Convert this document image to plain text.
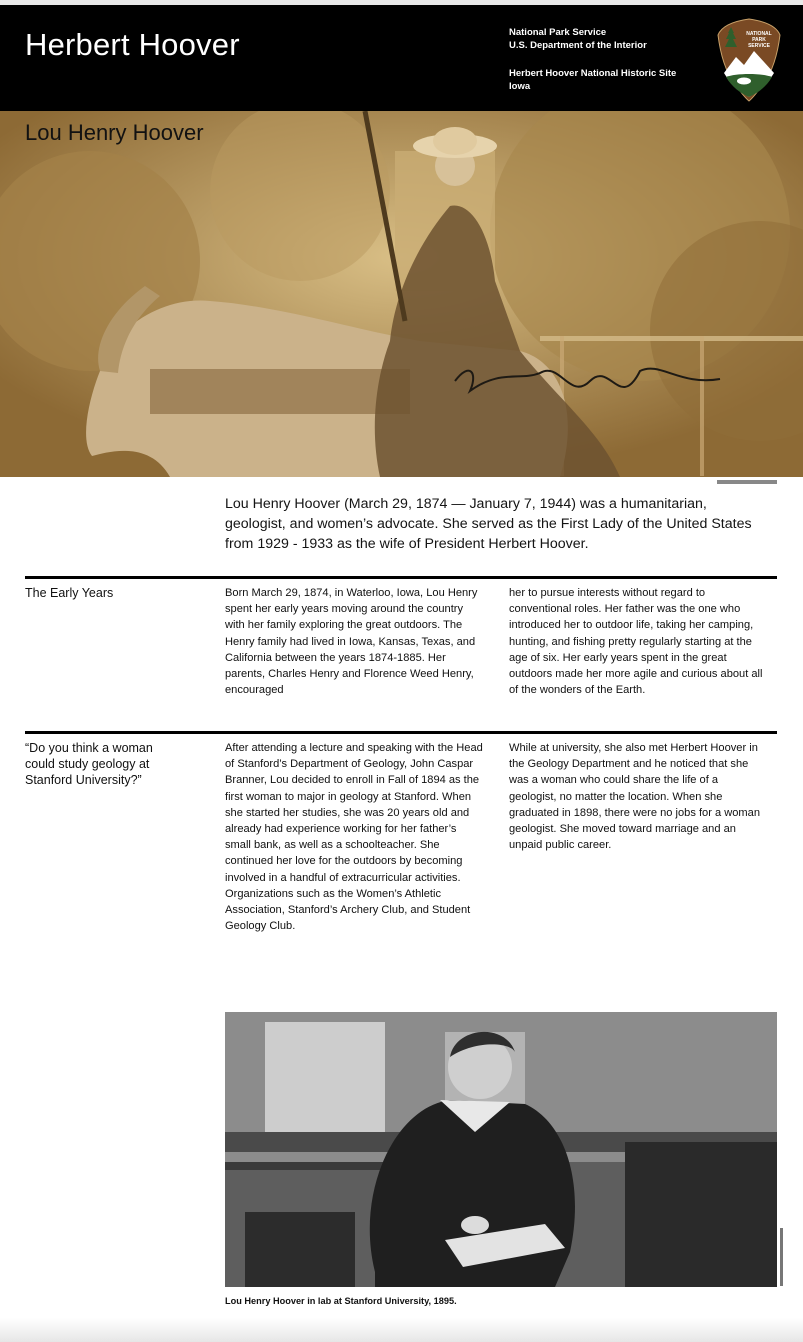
Herbert Hoover	National Park Service
U.S. Department of the Interior
Herbert Hoover National Historic Site
Iowa
NATIONAL
PARK
SERVICE
Lou Henry Hoover

Lou Henry Hoover (March 29, 1874 — January 7, 1944) was a humanitarian, geologist, and women’s advocate. She served as the First Lady of the United States from 1929 - 1933 as the wife of President Herbert Hoover.

The Early Years	Born March 29, 1874, in Waterloo, Iowa, Lou Henry spent her early years moving around the country with her family exploring the great outdoors. The Henry family had lived in Iowa, Kansas, Texas, and California between the years 1874-1885. Her parents, Charles Henry and Florence Weed Henry, encouraged

her to pursue interests without regard to conventional roles. Her father was the one who introduced her to outdoor life, taking her camping, hunting, and fishing pretty regularly starting at the age of six. Her early years spent in the great outdoors made her more agile and curious about all of the wonders of the Earth.

“Do you think a woman could study geology at Stanford University?”

After attending a lecture and speaking with the Head of Stanford’s Department of Geology, John Caspar Branner, Lou decided to enroll in Fall of 1894 as the first woman to major in geology at Stanford. When she started her studies, she was 20 years old and already had experience working for her father’s small bank, as well as a schoolteacher. She continued her love for the outdoors by becoming involved in a handful of extracurricular activities. Organizations such as the Women’s Athletic Association, Stanford’s Archery Club, and Student Geology Club.

While at university, she also met Herbert Hoover in the Geology Department and he noticed that she was a woman who could share the life of a geologist, no matter the location. When she graduated in 1898, there were no jobs for a woman geologist. She moved toward marriage and an unpaid public career.

Lou Henry Hoover in lab at Stanford University, 1895.
